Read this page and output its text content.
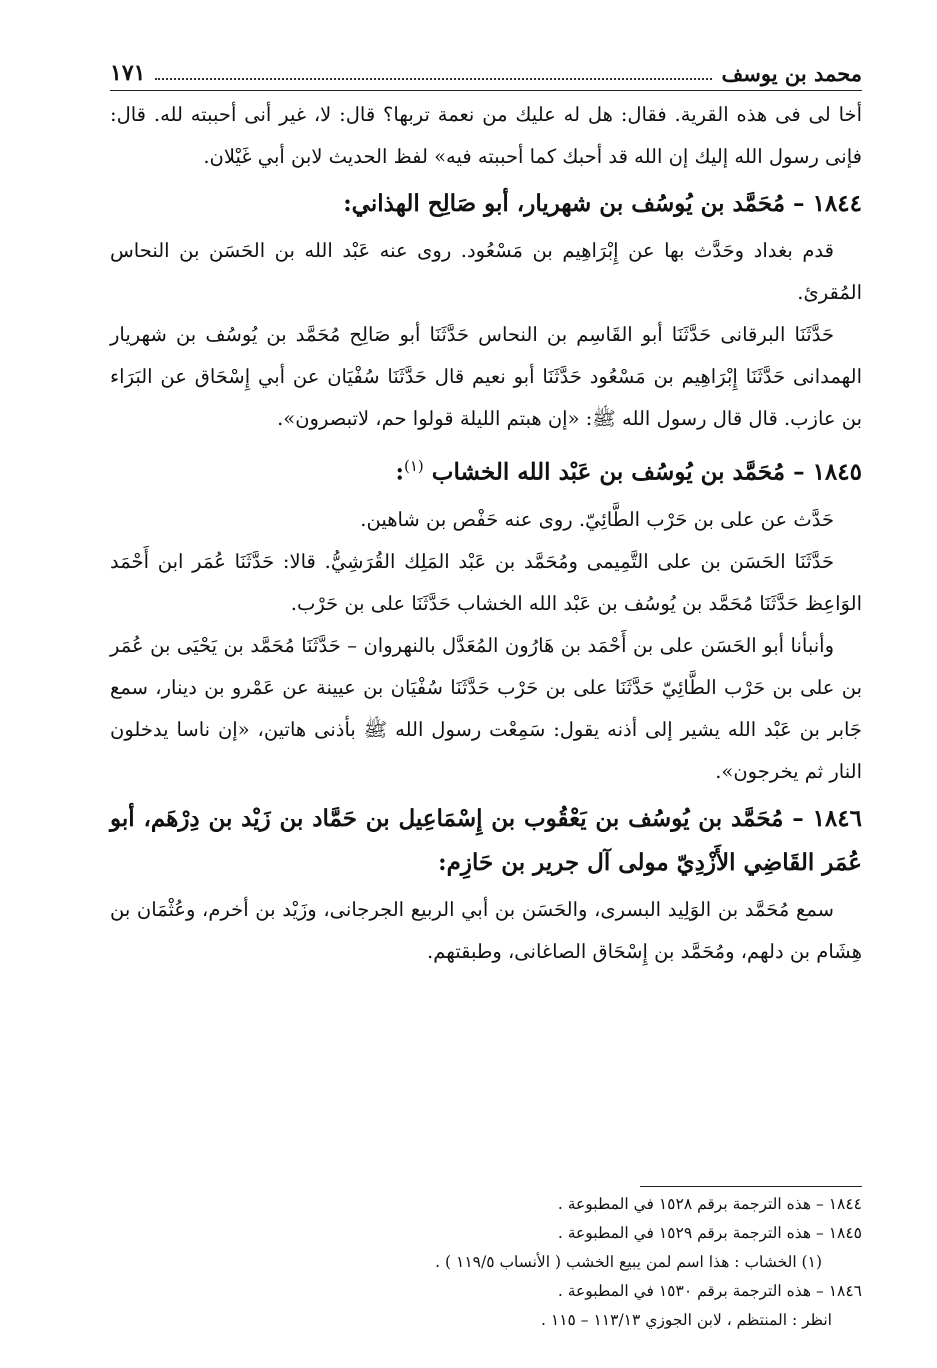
محمد بن يوسف
١٧١

أخا لى فى هذه القرية. فقال: هل له عليك من نعمة تربها؟ قال: لا، غير أنى أحببته لله. قال: فإنى رسول الله إليك إن الله قد أحبك كما أحببته فيه» لفظ الحديث لابن أبي غَيْلان.

١٨٤٤ – مُحَمَّد بن يُوسُف بن شهريار، أبو صَالِح الهذاني:

قدم بغداد وحَدَّث بها عن إِبْرَاهِيم بن مَسْعُود. روى عنه عَبْد الله بن الحَسَن بن النحاس المُقرئ.

حَدَّثَنَا البرقانى حَدَّثَنَا أبو القَاسِم بن النحاس حَدَّثَنَا أبو صَالِح مُحَمَّد بن يُوسُف بن شهريار الهمدانى حَدَّثَنَا إِبْرَاهِيم بن مَسْعُود حَدَّثَنَا أبو نعيم قال حَدَّثَنَا سُفْيَان عن أبي إِسْحَاق عن البَرَاء بن عازب. قال قال رسول الله ﷺ: «إن هبتم الليلة قولوا حم، لاتبصرون».

١٨٤٥ – مُحَمَّد بن يُوسُف بن عَبْد الله الخشاب $^{(١)}$:

حَدَّث عن على بن حَرْب الطَّائِيّ. روى عنه حَفْص بن شاهين.

حَدَّثَنَا الحَسَن بن على التَّمِيمى ومُحَمَّد بن عَبْد المَلِك القُرَشِيُّ. قالا: حَدَّثَنَا عُمَر ابن أَحْمَد الوَاعِظ حَدَّثَنَا مُحَمَّد بن يُوسُف بن عَبْد الله الخشاب حَدَّثَنَا على بن حَرْب.

وأنبأنا أبو الحَسَن على بن أَحْمَد بن هَارُون المُعَدَّل بالنهروان – حَدَّثَنَا مُحَمَّد بن يَحْيَى بن عُمَر بن على بن حَرْب الطَّائِيّ حَدَّثَنَا على بن حَرْب حَدَّثَنَا سُفْيَان بن عيينة عن عَمْرو بن دينار، سمع جَابر بن عَبْد الله يشير إلى أذنه يقول: سَمِعْت رسول الله ﷺ بأذنى هاتين، «إن ناسا يدخلون النار ثم يخرجون».

١٨٤٦ – مُحَمَّد بن يُوسُف بن يَعْقُوب بن إِسْمَاعِيل بن حَمَّاد بن زَيْد بن دِرْهَم، أبو عُمَر القَاضِي الأَزْدِيّ مولى آل جرير بن حَازِم:

سمع مُحَمَّد بن الوَلِيد البسرى، والحَسَن بن أبي الربيع الجرجانى، وزَيْد بن أخرم، وعُثْمَان بن هِشَام بن دلهم، ومُحَمَّد بن إِسْحَاق الصاغانى، وطبقتهم.

١٨٤٤ – هذه الترجمة برقم ١٥٢٨ في المطبوعة .

١٨٤٥ – هذه الترجمة برقم ١٥٢٩ في المطبوعة .

(١) الخشاب : هذا اسم لمن يبيع الخشب ( الأنساب ١١٩/٥ ) .

١٨٤٦ – هذه الترجمة برقم ١٥٣٠ في المطبوعة .

انظر : المنتظم ، لابن الجوزي ١١٣/١٣ – ١١٥ .
